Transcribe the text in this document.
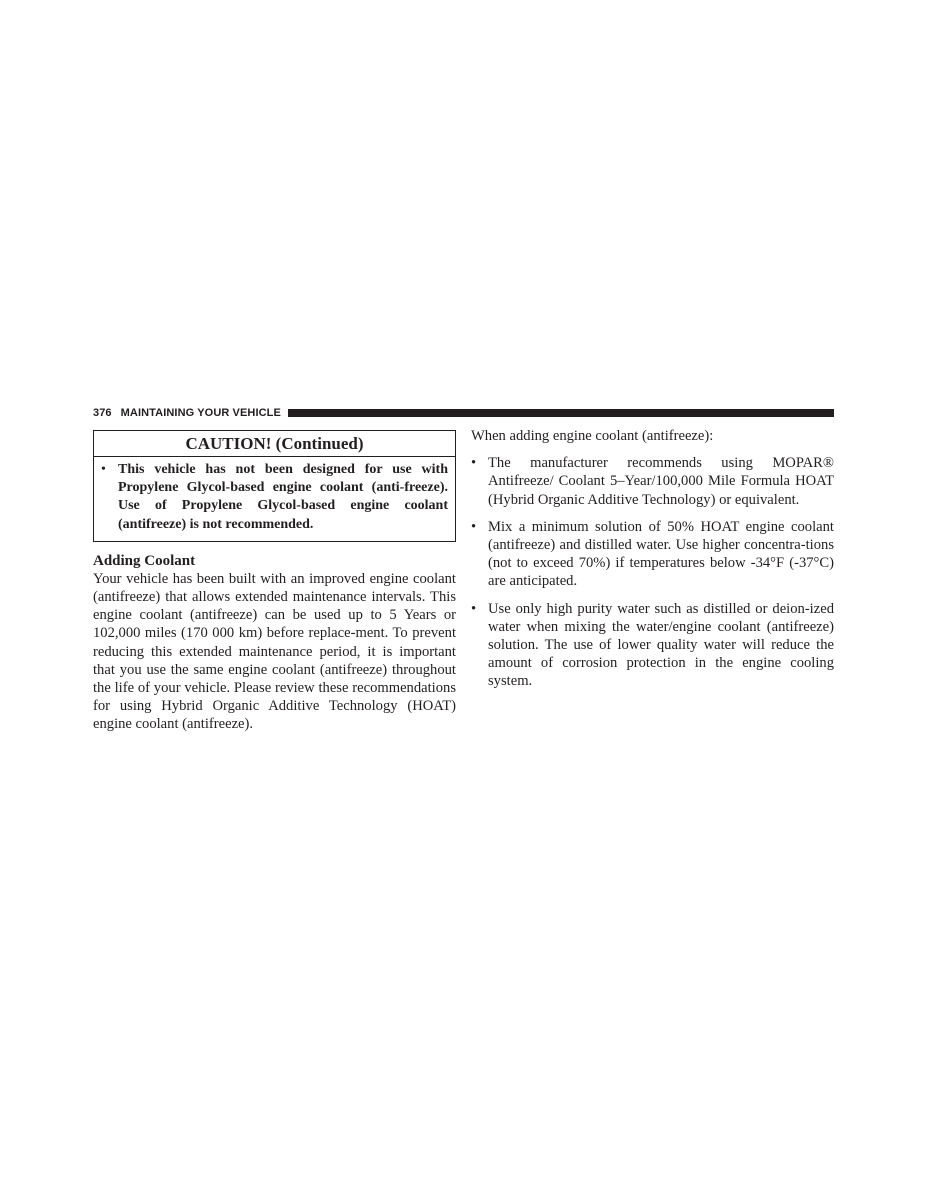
376 MAINTAINING YOUR VEHICLE
CAUTION! (Continued)
• This vehicle has not been designed for use with Propylene Glycol-based engine coolant (anti-freeze). Use of Propylene Glycol-based engine coolant (antifreeze) is not recommended.
Adding Coolant
Your vehicle has been built with an improved engine coolant (antifreeze) that allows extended maintenance intervals. This engine coolant (antifreeze) can be used up to 5 Years or 102,000 miles (170 000 km) before replace-ment. To prevent reducing this extended maintenance period, it is important that you use the same engine coolant (antifreeze) throughout the life of your vehicle. Please review these recommendations for using Hybrid Organic Additive Technology (HOAT) engine coolant (antifreeze).
When adding engine coolant (antifreeze):
• The manufacturer recommends using MOPAR® Antifreeze/ Coolant 5–Year/100,000 Mile Formula HOAT (Hybrid Organic Additive Technology) or equivalent.
• Mix a minimum solution of 50% HOAT engine coolant (antifreeze) and distilled water. Use higher concentra-tions (not to exceed 70%) if temperatures below -34°F (-37°C) are anticipated.
• Use only high purity water such as distilled or deion-ized water when mixing the water/engine coolant (antifreeze) solution. The use of lower quality water will reduce the amount of corrosion protection in the engine cooling system.
